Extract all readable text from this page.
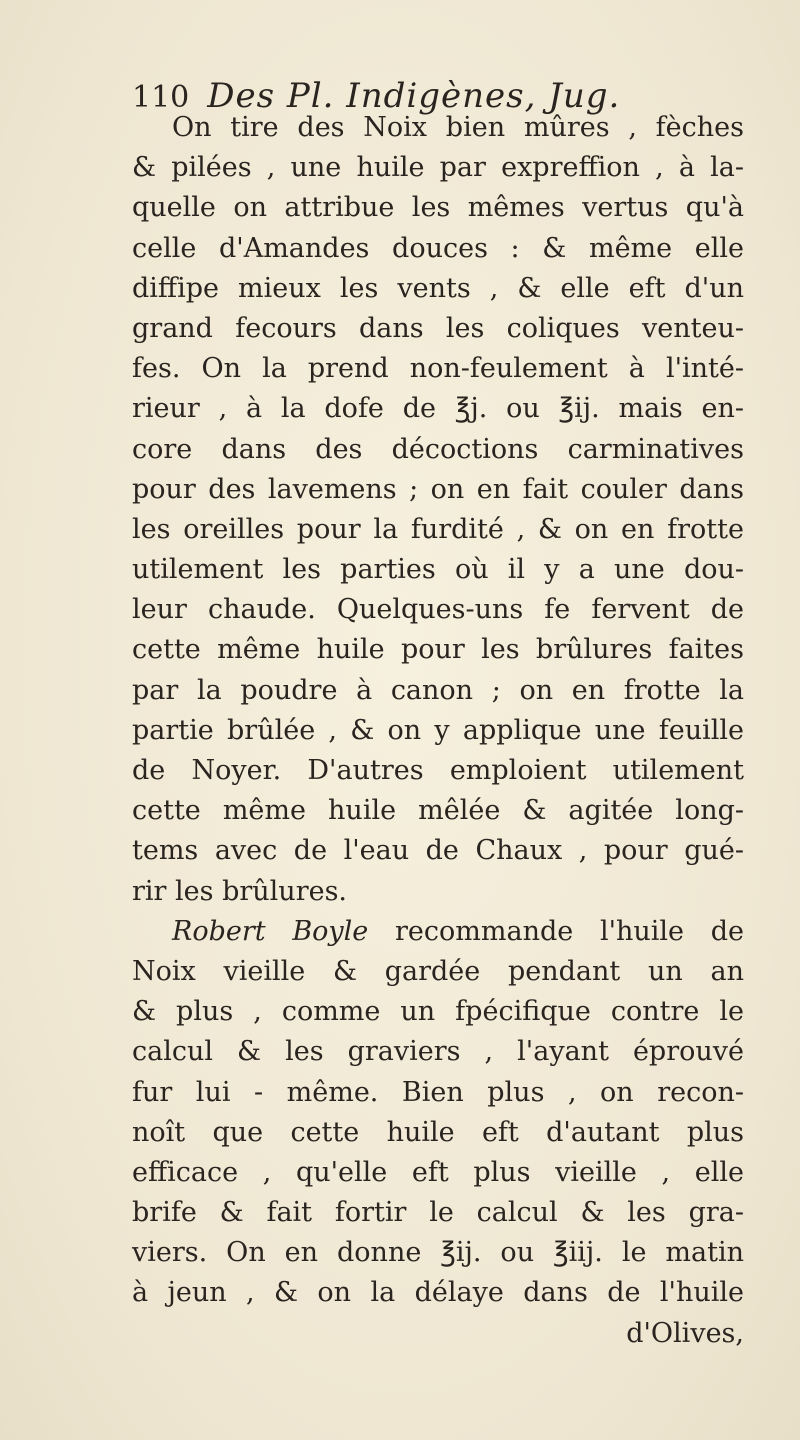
110 Des Pl. Indigènes, Jug.
On tire des Noix bien mûres , fèches
& pilées , une huile par expreffion , à la-
quelle on attribue les mêmes vertus qu'à
celle d'Amandes douces : & même elle
diffipe mieux les vents , & elle eft d'un
grand fecours dans les coliques venteu-
fes. On la prend non-feulement à l'inté-
rieur , à la dofe de ℥j. ou ℥ij. mais en-
core dans des décoctions carminatives
pour des lavemens ; on en fait couler dans
les oreilles pour la furdité , & on en frotte
utilement les parties où il y a une dou-
leur chaude. Quelques-uns fe fervent de
cette même huile pour les brûlures faites
par la poudre à canon ; on en frotte la
partie brûlée , & on y applique une feuille
de Noyer. D'autres emploient utilement
cette même huile mêlée & agitée long-
tems avec de l'eau de Chaux , pour gué-
rir les brûlures.
Robert Boyle recommande l'huile de
Noix vieille & gardée pendant un an
& plus , comme un fpécifique contre le
calcul & les graviers , l'ayant éprouvé
fur lui - même. Bien plus , on recon-
noît que cette huile eft d'autant plus
efficace , qu'elle eft plus vieille , elle
brife & fait fortir le calcul & les gra-
viers. On en donne ℥ij. ou ℥iij. le matin
à jeun , & on la délaye dans de l'huile
d'Olives,
